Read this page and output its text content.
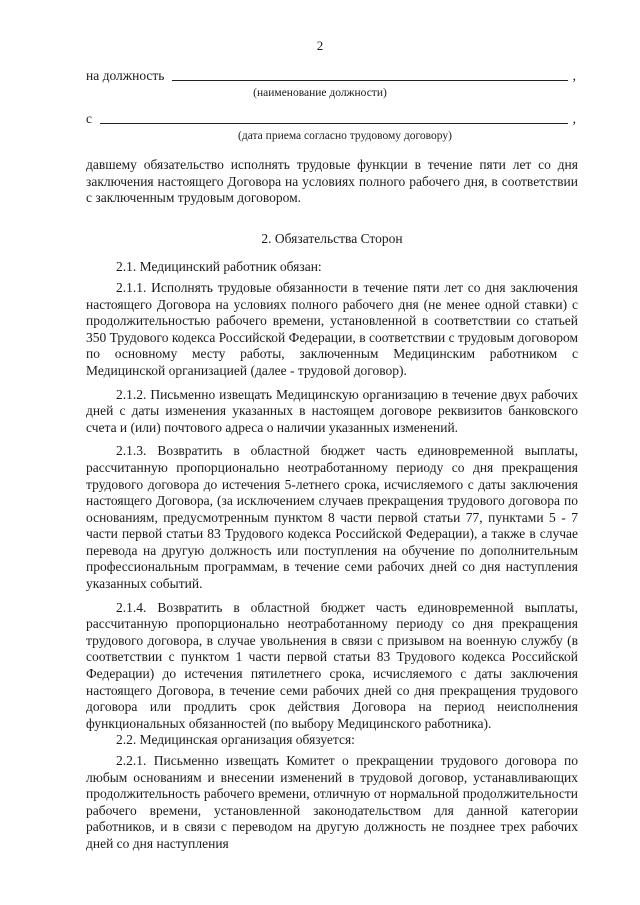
2
на должность	,
(наименование должности)
с	,
(дата приема согласно трудовому договору)

давшему обязательство исполнять трудовые функции в течение пяти лет со дня заключения настоящего Договора на условиях полного рабочего дня, в соответствии с заключенным трудовым договором.

2. Обязательства Сторон

2.1. Медицинский работник обязан:

2.1.1. Исполнять трудовые обязанности в течение пяти лет со дня заключения настоящего Договора на условиях полного рабочего дня (не менее одной ставки) с продолжительностью рабочего времени, установленной в соответствии со статьей 350 Трудового кодекса Российской Федерации, в соответствии с трудовым договором по основному месту работы, заключенным Медицинским работником с Медицинской организацией (далее - трудовой договор).

2.1.2. Письменно извещать Медицинскую организацию в течение двух рабочих дней с даты изменения указанных в настоящем договоре реквизитов банковского счета и (или) почтового адреса о наличии указанных изменений.

2.1.3. Возвратить в областной бюджет часть единовременной выплаты, рассчитанную пропорционально неотработанному периоду со дня прекращения трудового договора до истечения 5-летнего срока, исчисляемого с даты заключения настоящего Договора, (за исключением случаев прекращения трудового договора по основаниям, предусмотренным пунктом 8 части первой статьи 77, пунктами 5 - 7 части первой статьи 83 Трудового кодекса Российской Федерации), а также в случае перевода на другую должность или поступления на обучение по дополнительным профессиональным программам, в течение семи рабочих дней со дня наступления указанных событий.

2.1.4. Возвратить в областной бюджет часть единовременной выплаты, рассчитанную пропорционально неотработанному периоду со дня прекращения трудового договора, в случае увольнения в связи с призывом на военную службу (в соответствии с пунктом 1 части первой статьи 83 Трудового кодекса Российской Федерации) до истечения пятилетнего срока, исчисляемого с даты заключения настоящего Договора, в течение семи рабочих дней со дня прекращения трудового договора или продлить срок действия Договора на период неисполнения функциональных обязанностей (по выбору Медицинского работника).

2.2. Медицинская организация обязуется:

2.2.1. Письменно извещать Комитет о прекращении трудового договора по любым основаниям и внесении изменений в трудовой договор, устанавливающих продолжительность рабочего времени, отличную от нормальной продолжительности рабочего времени, установленной законодательством для данной категории работников, и в связи с переводом на другую должность не позднее трех рабочих дней со дня наступления
